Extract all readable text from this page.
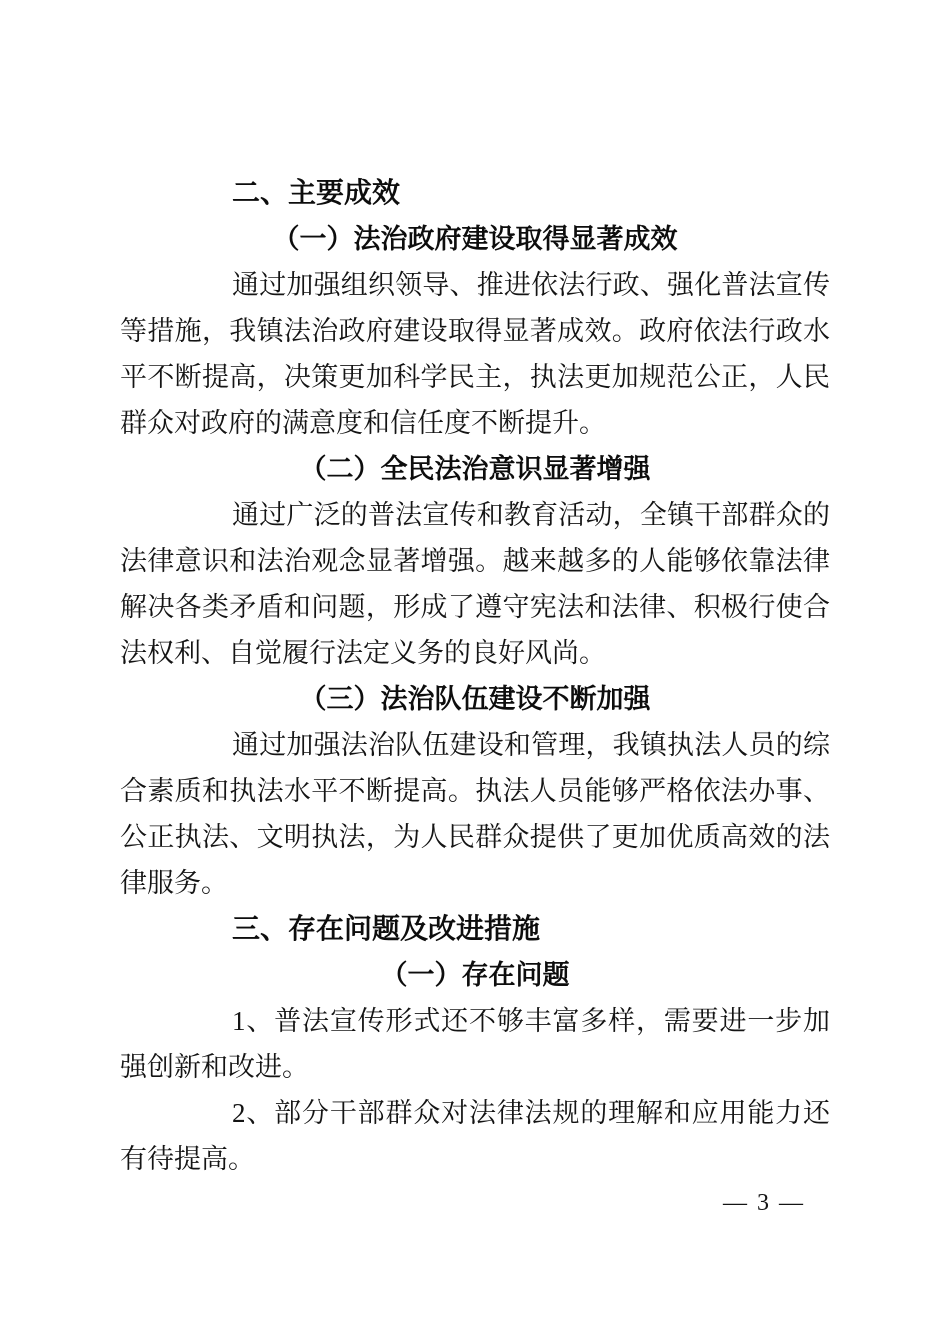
二、主要成效
（一）法治政府建设取得显著成效

通过加强组织领导、推进依法行政、强化普法宣传等措施，我镇法治政府建设取得显著成效。政府依法行政水平不断提高，决策更加科学民主，执法更加规范公正，人民群众对政府的满意度和信任度不断提升。

（二）全民法治意识显著增强

通过广泛的普法宣传和教育活动，全镇干部群众的法律意识和法治观念显著增强。越来越多的人能够依靠法律解决各类矛盾和问题，形成了遵守宪法和法律、积极行使合法权利、自觉履行法定义务的良好风尚。

（三）法治队伍建设不断加强

通过加强法治队伍建设和管理，我镇执法人员的综合素质和执法水平不断提高。执法人员能够严格依法办事、公正执法、文明执法，为人民群众提供了更加优质高效的法律服务。

三、存在问题及改进措施
（一）存在问题

1、普法宣传形式还不够丰富多样，需要进一步加强创新和改进。

2、部分干部群众对法律法规的理解和应用能力还有待提高。

— 3 —
